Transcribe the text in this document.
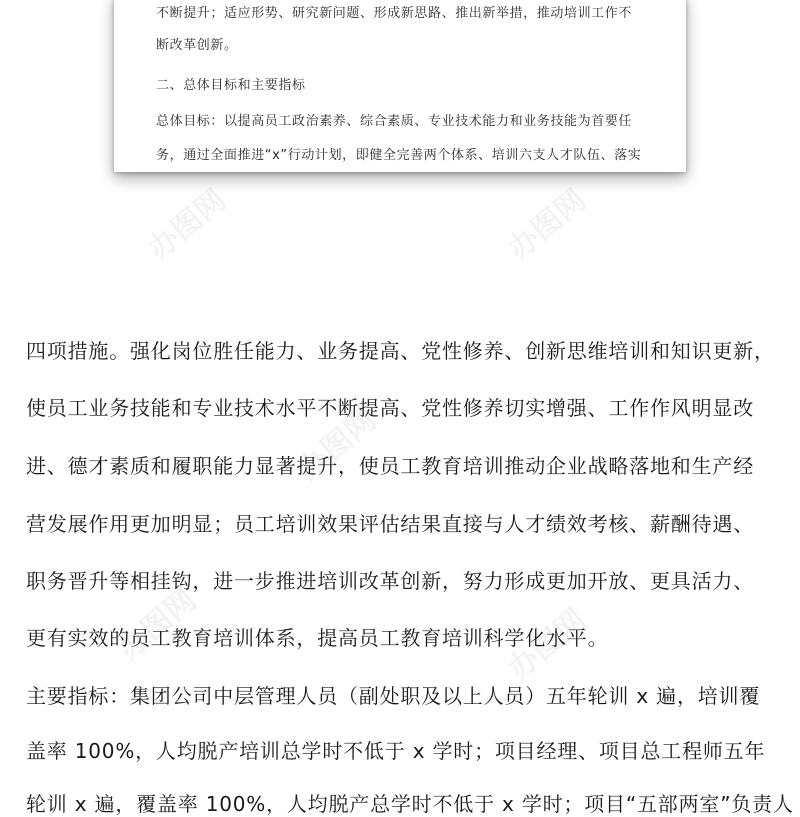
不断提升；适应形势、研究新问题、形成新思路、推出新举措，推动培训工作不
断改革创新。
二、总体目标和主要指标
总体目标：以提高员工政治素养、综合素质、专业技术能力和业务技能为首要任
务，通过全面推进“x”行动计划，即健全完善两个体系、培训六支人才队伍、落实
四项措施。强化岗位胜任能力、业务提高、党性修养、创新思维培训和知识更新，
使员工业务技能和专业技术水平不断提高、党性修养切实增强、工作作风明显改
进、德才素质和履职能力显著提升，使员工教育培训推动企业战略落地和生产经
营发展作用更加明显；员工培训效果评估结果直接与人才绩效考核、薪酬待遇、
职务晋升等相挂钩，进一步推进培训改革创新，努力形成更加开放、更具活力、
更有实效的员工教育培训体系，提高员工教育培训科学化水平。
主要指标：集团公司中层管理人员（副处职及以上人员）五年轮训 x 遍，培训覆
盖率 100%，人均脱产培训总学时不低于 x 学时；项目经理、项目总工程师五年
轮训 x 遍，覆盖率 100%，人均脱产总学时不低于 x 学时；项目“五部两室”负责人
办图网	办图网
办图网
办图网	办图网
